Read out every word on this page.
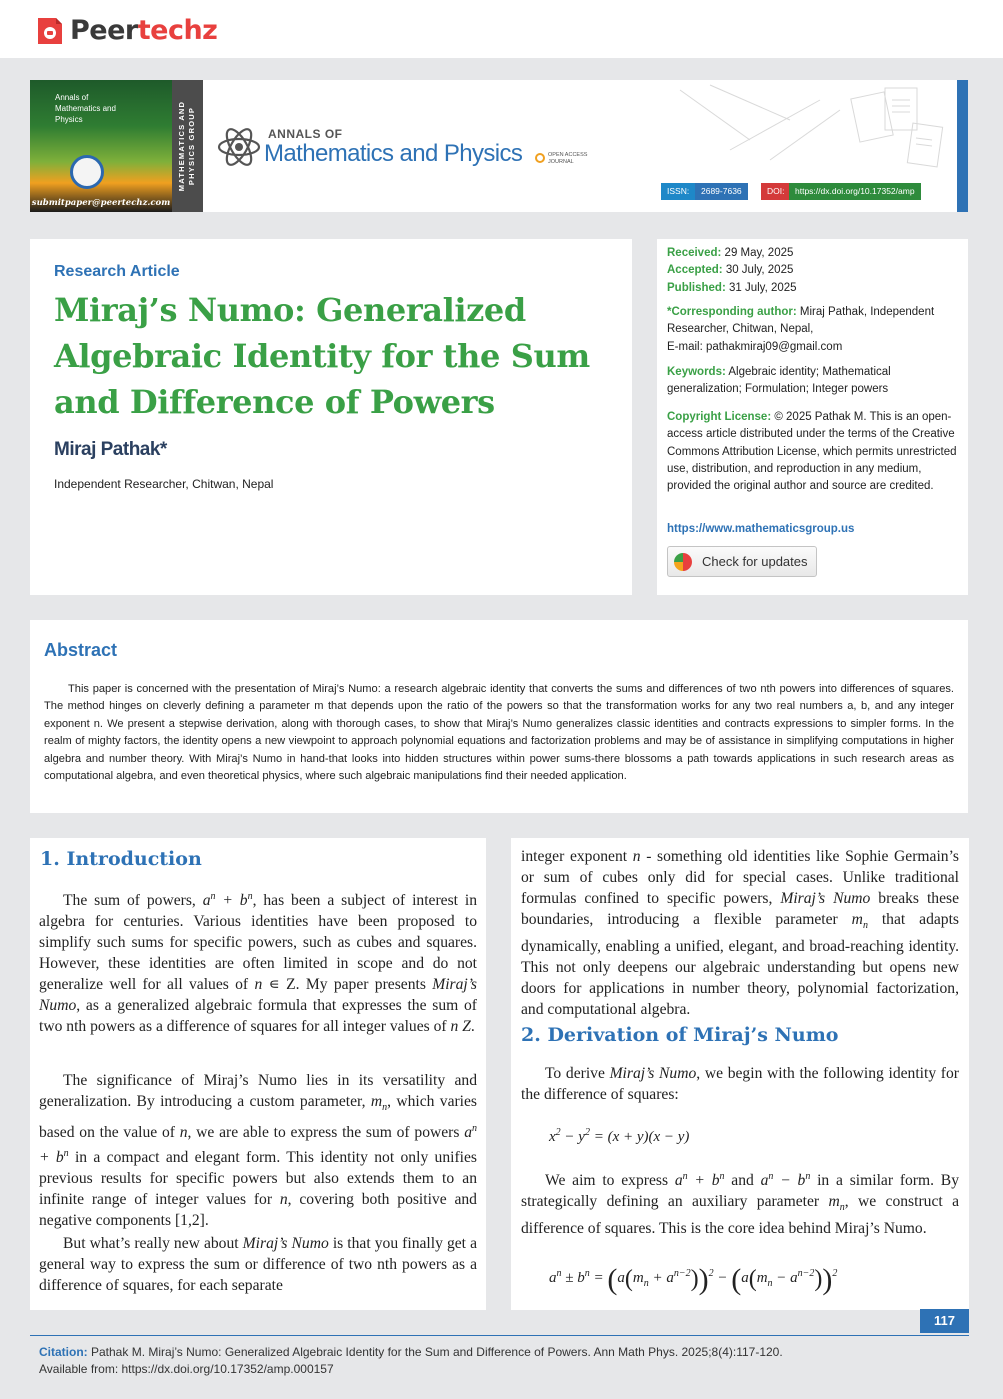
Peertechz
Annals of
Mathematics and
Physics
submitpaper@peertechz.com
MATHEMATICS AND PHYSICS GROUP	ANNALS OF
Mathematics and Physics	OPEN ACCESS
JOURNAL
ISSN:	2689-7636	DOI:	https://dx.doi.org/10.17352/amp
Research Article
Miraj’s Numo: Generalized Algebraic Identity for the Sum and Difference of Powers
Miraj Pathak*
Independent Researcher, Chitwan, Nepal
Received: 29 May, 2025
Accepted: 30 July, 2025
Published: 31 July, 2025
*Corresponding author: Miraj Pathak, Independent Researcher, Chitwan, Nepal,
E-mail: pathakmiraj09@gmail.com
Keywords: Algebraic identity; Mathematical generalization; Formulation; Integer powers
Copyright License: © 2025 Pathak M. This is an open-access article distributed under the terms of the Creative Commons Attribution License, which permits unrestricted use, distribution, and reproduction in any medium, provided the original author and source are credited.
https://www.mathematicsgroup.us
Check for updates
Abstract
This paper is concerned with the presentation of Miraj’s Numo: a research algebraic identity that converts the sums and differences of two nth powers into differences of squares. The method hinges on cleverly defining a parameter m that depends upon the ratio of the powers so that the transformation works for any two real numbers a, b, and any integer exponent n. We present a stepwise derivation, along with thorough cases, to show that Miraj’s Numo generalizes classic identities and contracts expressions to simpler forms. In the realm of mighty factors, the identity opens a new viewpoint to approach polynomial equations and factorization problems and may be of assistance in simplifying computations in higher algebra and number theory. With Miraj’s Numo in hand-that looks into hidden structures within power sums-there blossoms a path towards applications in such research areas as computational algebra, and even theoretical physics, where such algebraic manipulations find their needed application.
1. Introduction
The sum of powers, $a^n + b^n$, has been a subject of interest in algebra for centuries. Various identities have been proposed to simplify such sums for specific powers, such as cubes and squares. However, these identities are often limited in scope and do not generalize well for all values of n ∊ Z. My paper presents Miraj’s Numo, as a generalized algebraic formula that expresses the sum of two nth powers as a difference of squares for all integer values of n Z.
The significance of Miraj’s Numo lies in its versatility and generalization. By introducing a custom parameter, $m_n$, which varies based on the value of n, we are able to express the sum of powers $a^n + b^n$ in a compact and elegant form. This identity not only unifies previous results for specific powers but also extends them to an infinite range of integer values for n, covering both positive and negative components [1,2].
But what’s really new about Miraj’s Numo is that you finally get a general way to express the sum or difference of two nth powers as a difference of squares, for each separate
integer exponent n - something old identities like Sophie Germain’s or sum of cubes only did for special cases. Unlike traditional formulas confined to specific powers, Miraj’s Numo breaks these boundaries, introducing a flexible parameter $m_n$ that adapts dynamically, enabling a unified, elegant, and broad-reaching identity. This not only deepens our algebraic understanding but opens new doors for applications in number theory, polynomial factorization, and computational algebra.
2. Derivation of Miraj’s Numo
To derive Miraj’s Numo, we begin with the following identity for the difference of squares:
$x^2 - y^2 = (x + y)(x - y)$
We aim to express $a^n + b^n$ and $a^n - b^n$ in a similar form. By strategically defining an auxiliary parameter $m_n$, we construct a difference of squares. This is the core idea behind Miraj’s Numo.
$a^n \pm b^n = (a(m_n + a^{n-2}))^2 - (a(m_n - a^{n-2}))^2$
117
Citation: Pathak M. Miraj’s Numo: Generalized Algebraic Identity for the Sum and Difference of Powers. Ann Math Phys. 2025;8(4):117-120.
Available from: https://dx.doi.org/10.17352/amp.000157
